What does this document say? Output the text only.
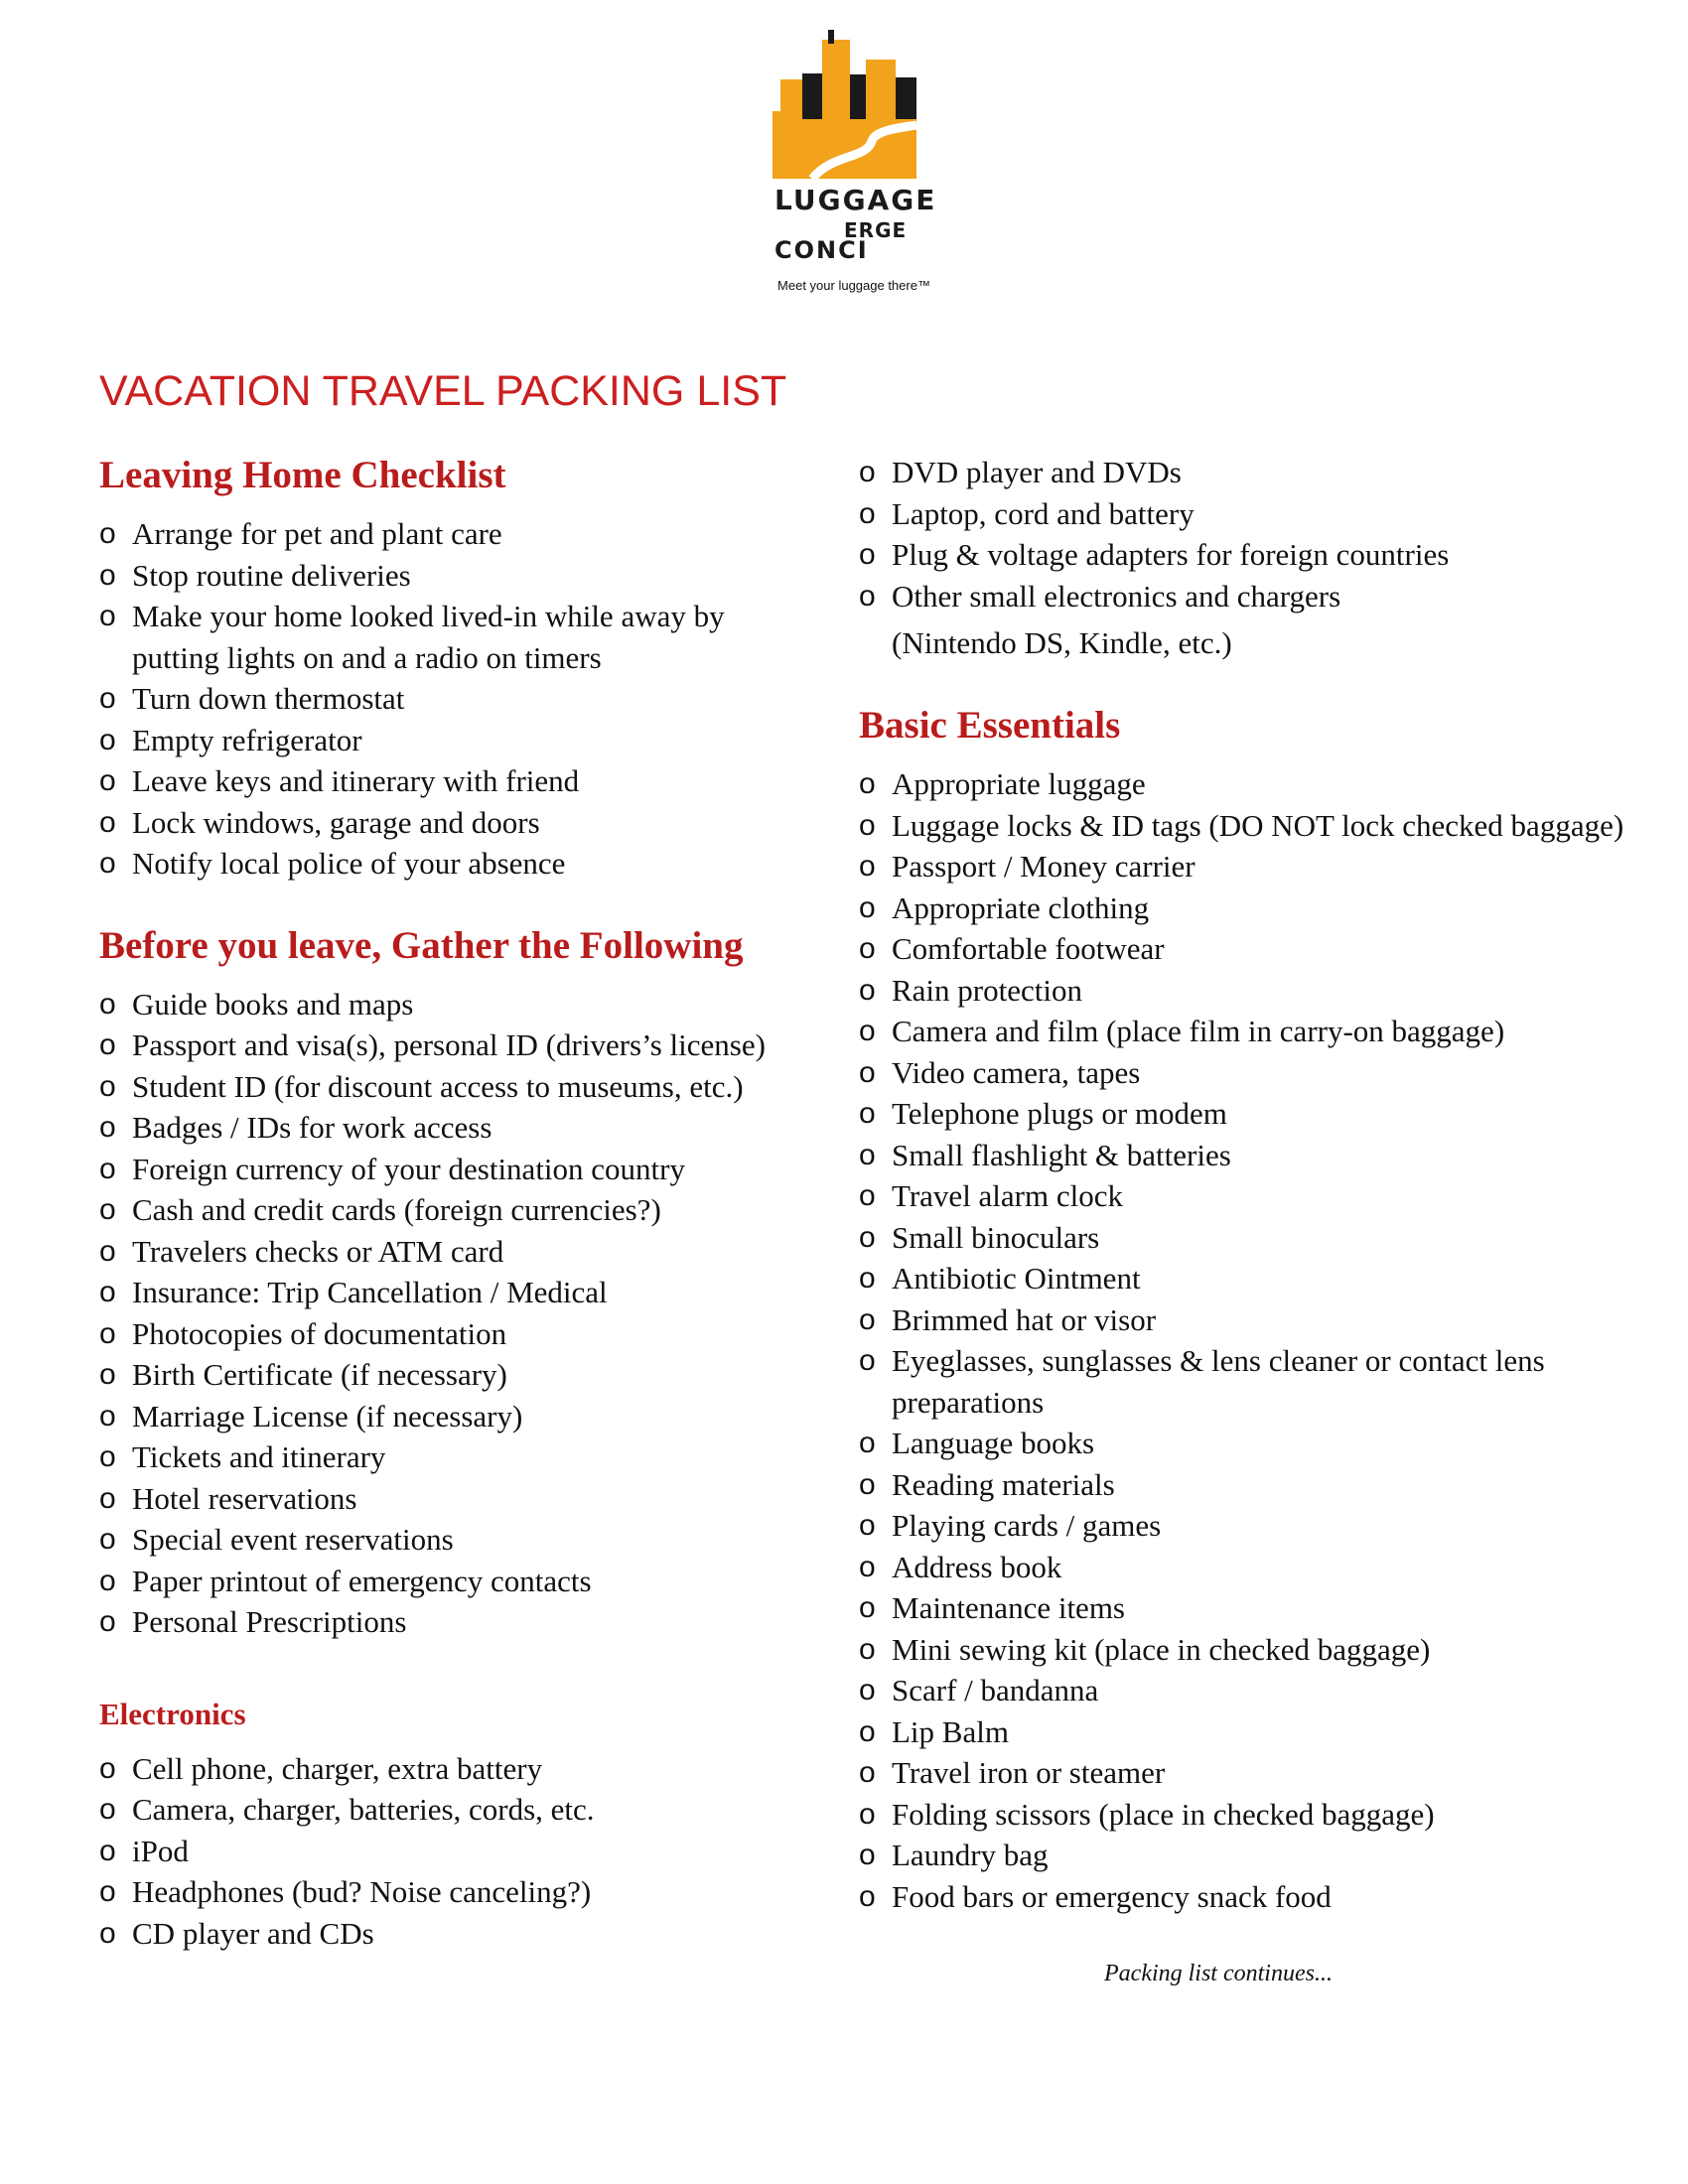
LUGGAGE
ERGE
CONCI
Meet your luggage there™
VACATION TRAVEL PACKING LIST
Leaving Home Checklist
o Arrange for pet and plant care
o Stop routine deliveries
o Make your home looked lived-in while away by putting lights on and a radio on timers
o Turn down thermostat
o Empty refrigerator
o Leave keys and itinerary with friend
o Lock windows, garage and doors
o Notify local police of your absence
Before you leave, Gather the Following
o Guide books and maps
o Passport and visa(s), personal ID (drivers’s license)
o Student ID (for discount access to museums, etc.)
o Badges / IDs for work access
o Foreign currency of your destination country
o Cash and credit cards (foreign currencies?)
o Travelers checks or ATM card
o Insurance: Trip Cancellation / Medical
o Photocopies of documentation
o Birth Certificate (if necessary)
o Marriage License (if necessary)
o Tickets and itinerary
o Hotel reservations
o Special event reservations
o Paper printout of emergency contacts
o Personal Prescriptions
Electronics
o Cell phone, charger, extra battery
o Camera, charger, batteries, cords, etc.
o iPod
o Headphones (bud? Noise canceling?)
o CD player and CDs
o DVD player and DVDs
o Laptop, cord and battery
o Plug & voltage adapters for foreign countries
o Other small electronics and chargers
(Nintendo DS, Kindle, etc.)
Basic Essentials
o Appropriate luggage
o Luggage locks & ID tags (DO NOT lock checked baggage)
o Passport / Money carrier
o Appropriate clothing
o Comfortable footwear
o Rain protection
o Camera and film (place film in carry-on baggage)
o Video camera, tapes
o Telephone plugs or modem
o Small flashlight & batteries
o Travel alarm clock
o Small binoculars
o Antibiotic Ointment
o Brimmed hat or visor
o Eyeglasses, sunglasses & lens cleaner or contact lens preparations
o Language books
o Reading materials
o Playing cards / games
o Address book
o Maintenance items
o Mini sewing kit (place in checked baggage)
o Scarf / bandanna
o Lip Balm
o Travel iron or steamer
o Folding scissors (place in checked baggage)
o Laundry bag
o Food bars or emergency snack food
Packing list continues...
